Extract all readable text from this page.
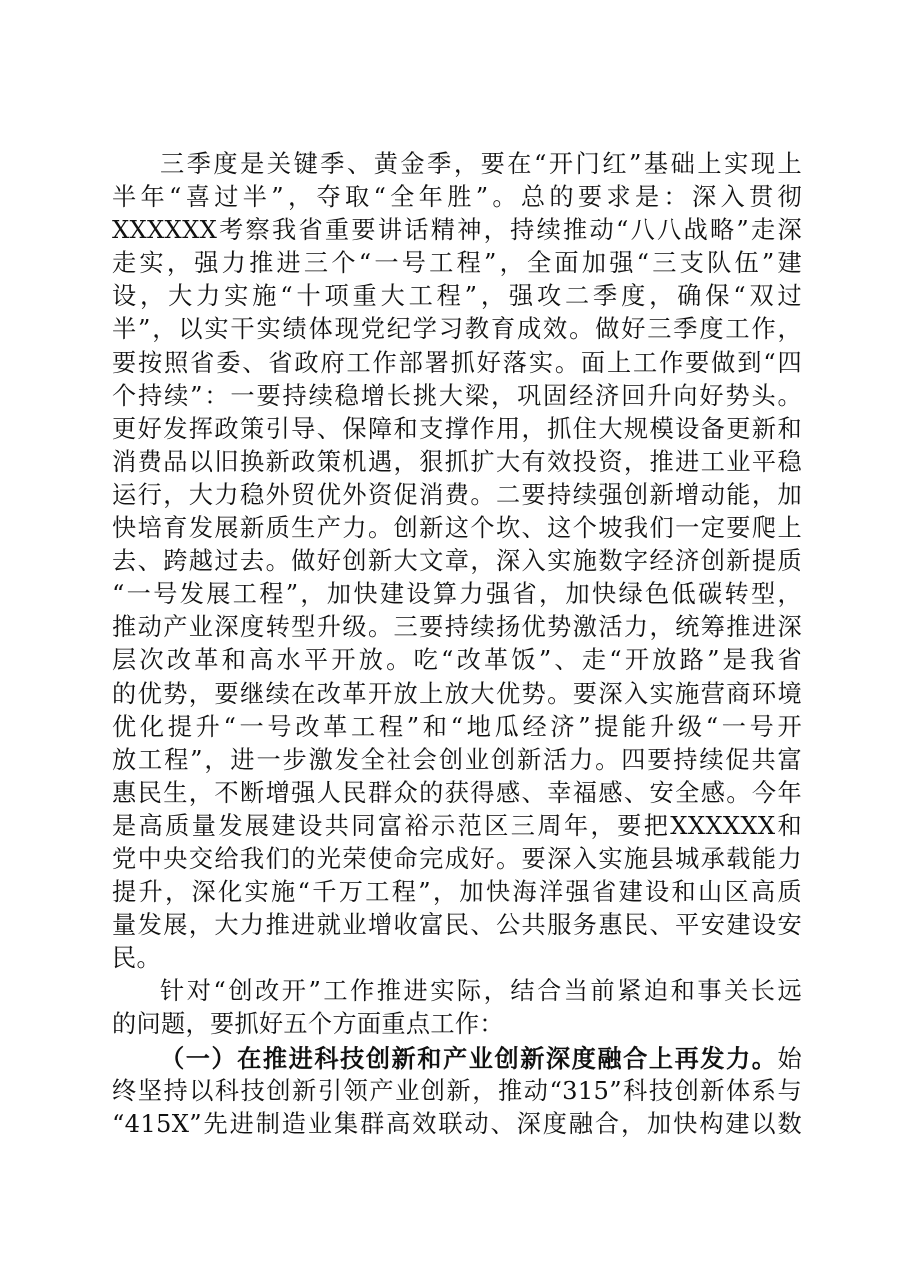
三季度是关键季、黄金季，要在“开门红”基础上实现上
半年“喜过半”，夺取“全年胜”。总的要求是：深入贯彻
XXXXXX考察我省重要讲话精神，持续推动“八八战略”走深
走实，强力推进三个“一号工程”，全面加强“三支队伍”建
设，大力实施“十项重大工程”，强攻二季度，确保“双过
半”，以实干实绩体现党纪学习教育成效。做好三季度工作，
要按照省委、省政府工作部署抓好落实。面上工作要做到“四
个持续”：一要持续稳增长挑大梁，巩固经济回升向好势头。
更好发挥政策引导、保障和支撑作用，抓住大规模设备更新和
消费品以旧换新政策机遇，狠抓扩大有效投资，推进工业平稳
运行，大力稳外贸优外资促消费。二要持续强创新增动能，加
快培育发展新质生产力。创新这个坎、这个坡我们一定要爬上
去、跨越过去。做好创新大文章，深入实施数字经济创新提质
“一号发展工程”，加快建设算力强省，加快绿色低碳转型，
推动产业深度转型升级。三要持续扬优势激活力，统筹推进深
层次改革和高水平开放。吃“改革饭”、走“开放路”是我省
的优势，要继续在改革开放上放大优势。要深入实施营商环境
优化提升“一号改革工程”和“地瓜经济”提能升级“一号开
放工程”，进一步激发全社会创业创新活力。四要持续促共富
惠民生，不断增强人民群众的获得感、幸福感、安全感。今年
是高质量发展建设共同富裕示范区三周年，要把XXXXXX和
党中央交给我们的光荣使命完成好。要深入实施县城承载能力
提升，深化实施“千万工程”，加快海洋强省建设和山区高质
量发展，大力推进就业增收富民、公共服务惠民、平安建设安
民。
针对“创改开”工作推进实际，结合当前紧迫和事关长远
的问题，要抓好五个方面重点工作：
（一）在推进科技创新和产业创新深度融合上再发力。始
终坚持以科技创新引领产业创新，推动“315”科技创新体系与
“415X”先进制造业集群高效联动、深度融合，加快构建以数
